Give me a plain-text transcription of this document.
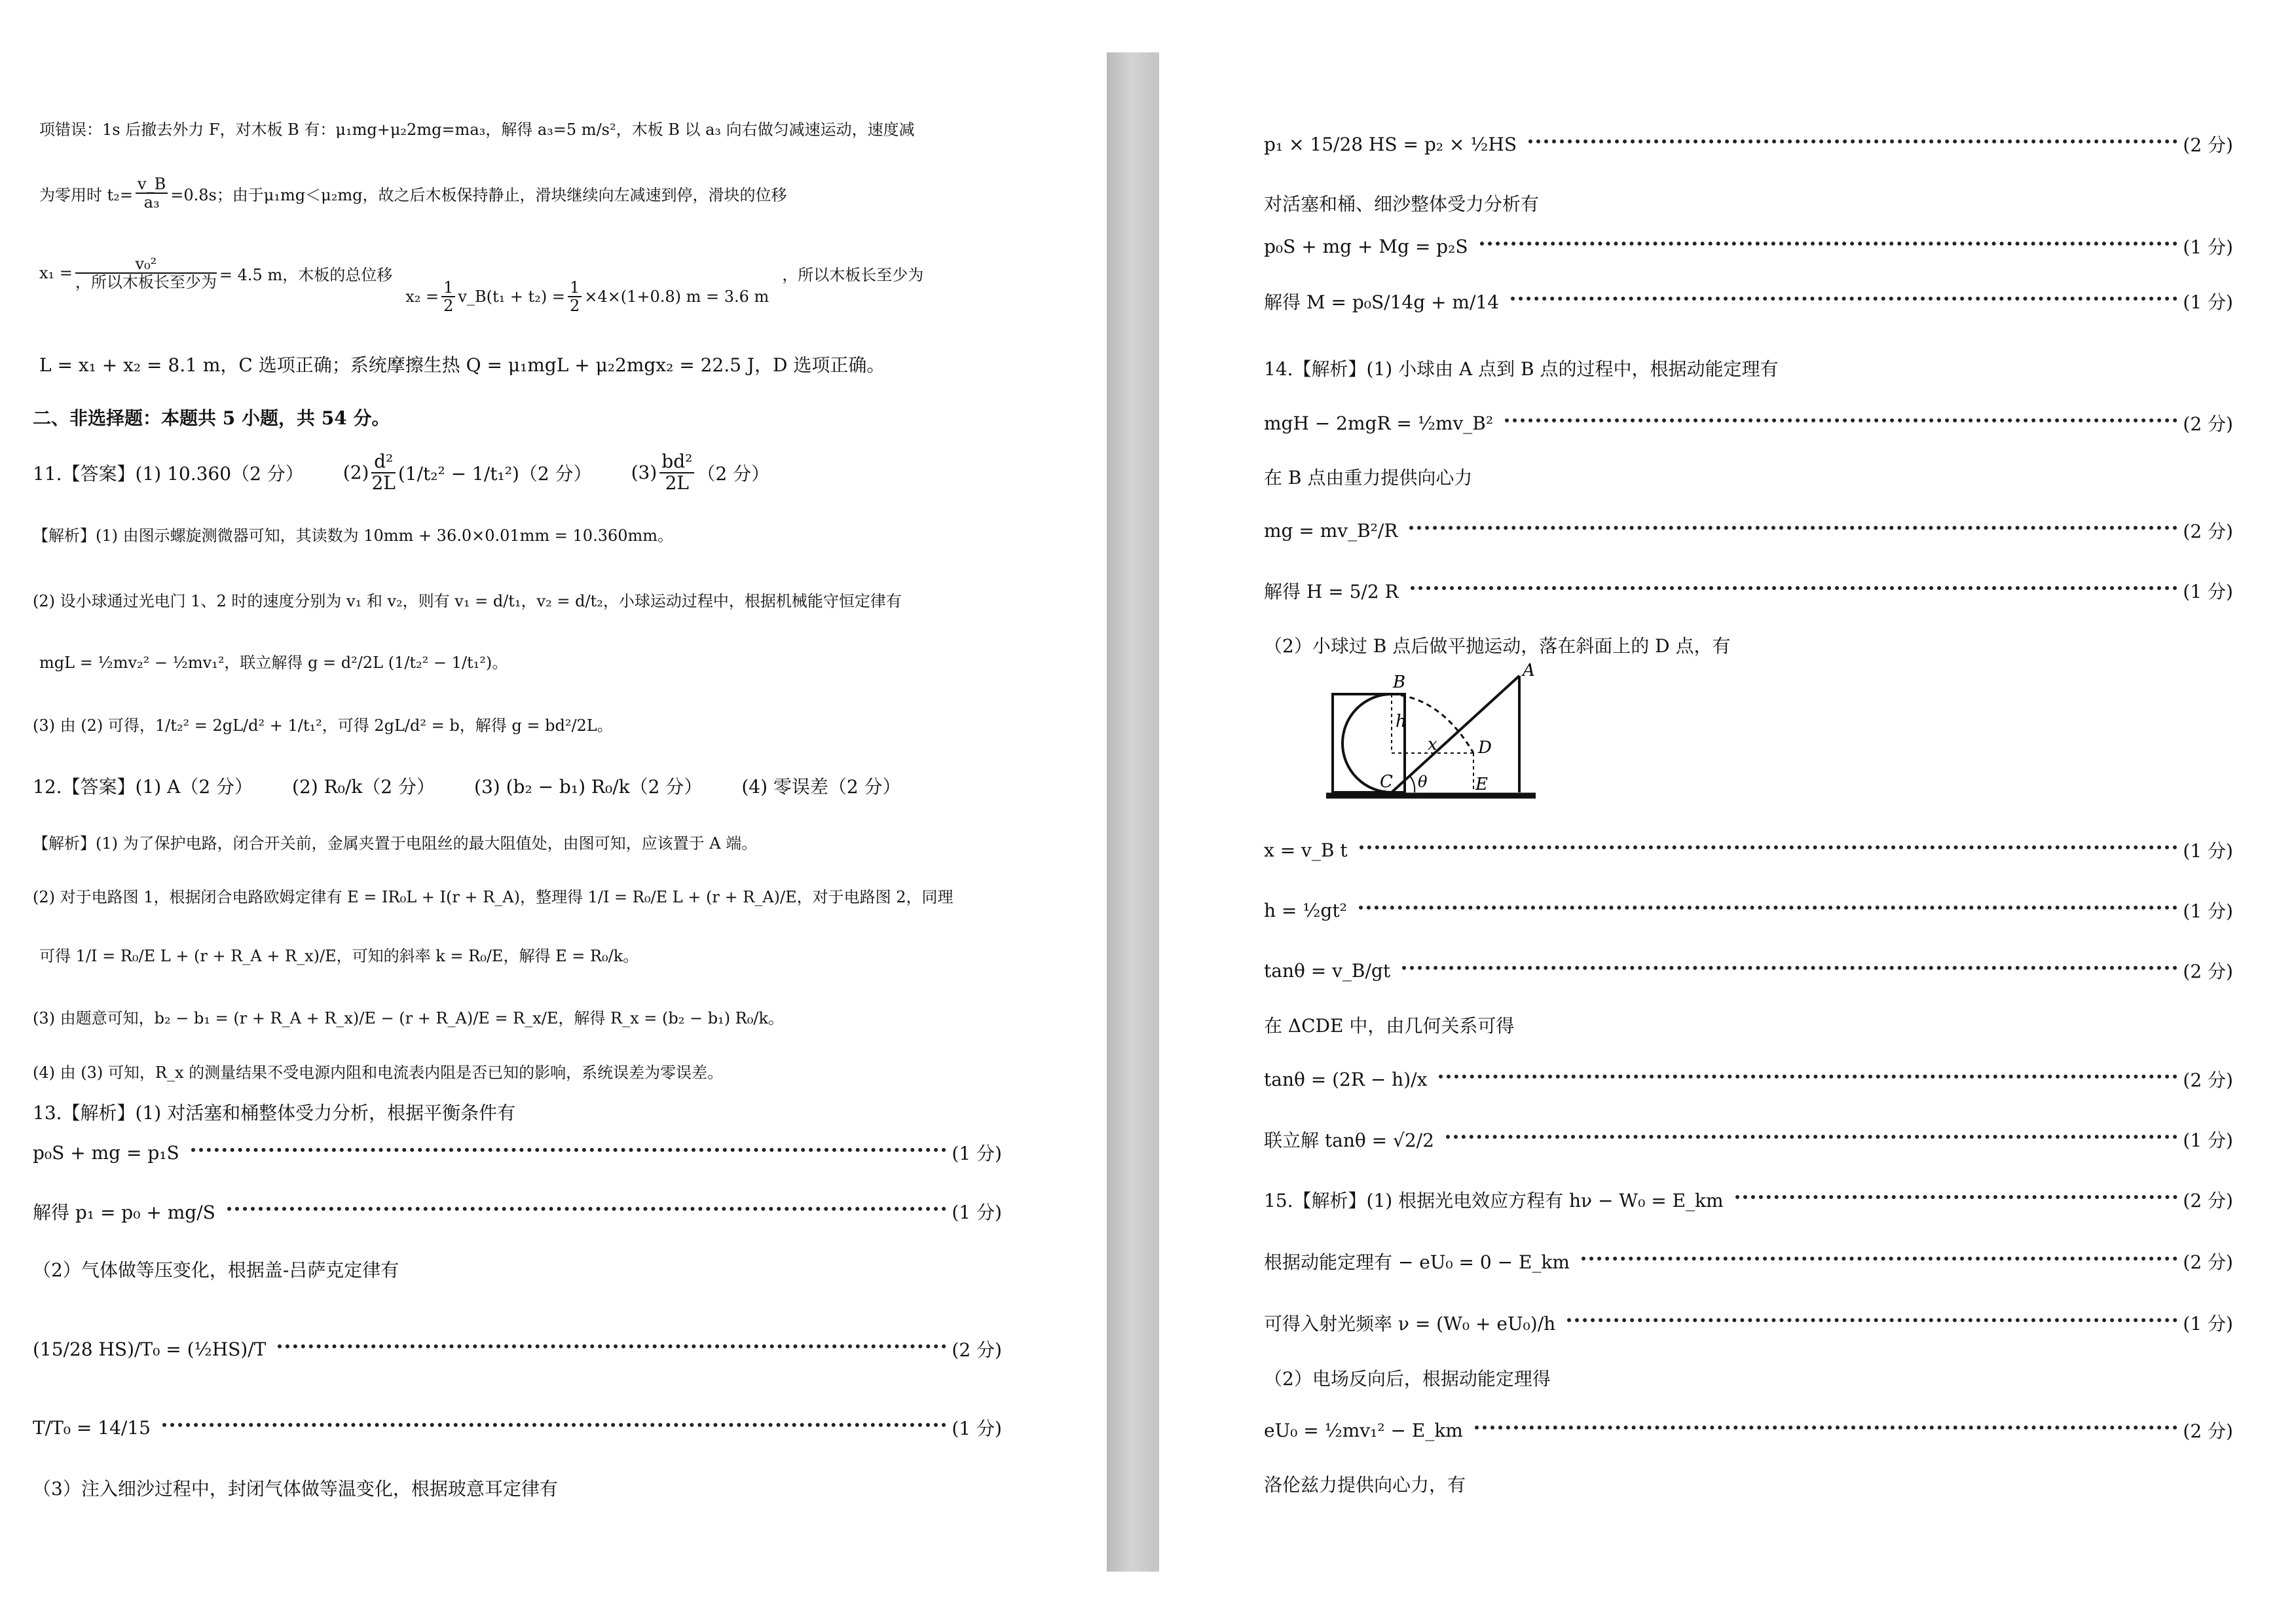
项错误：1s 后撤去外力 F，对木板 B 有：μ₁mg+μ₂2mg=ma₃，解得 a₃=5 m/s²，木板 B 以 a₃ 向右做匀减速运动，速度减
为零用时 $t_2= \frac{v\_B}{\text{a₃}} =0.8s$；由于μ₁mg＜μ₂mg，故之后木板保持静止，滑块继续向左减速到停，滑块的位移
x₁ =
v₀²
，所以木板长至少为 = 4.5 m，木板的总位移
$x_2 = \frac{1}{2}$ v_B(t₁ + $t_2) = \frac{1}{2} \times 4\times(1+0.8) m = 3.6$ m
，所以木板长至少为
L = x₁ + x₂ = 8.1 m，C 选项正确；系统摩擦生热 Q = μ₁mgL + μ₂2mgx₂ = 22.5 J，D 选项正确。
二、非选择题：本题共 5 小题，共 54 分。
11.【答案】(1) 10.360（2 分） (2)
d²
2L (1/t₂² − 1/t₁²)（2 分） (3)
bd²
2L （2 分）
【解析】(1) 由图示螺旋测微器可知，其读数为 10mm + 36.0×0.01mm = 10.360mm。
(2) 设小球通过光电门 1、2 时的速度分别为 v₁ 和 v₂，则有 v₁ = d/t₁，v₂ = d/t₂，小球运动过程中，根据机械能守恒定律有
mgL = ½mv₂² − ½mv₁²，联立解得 g = d²/2L (1/t₂² − 1/t₁²)。
(3) 由 (2) 可得，1/t₂² = 2gL/d² + 1/t₁²，可得 2gL/d² = b，解得 g = bd²/2L。
12.【答案】(1) A（2 分） (2) R₀/k（2 分） (3) (b₂ − b₁) R₀/k（2 分） (4) 零误差（2 分）
【解析】(1) 为了保护电路，闭合开关前，金属夹置于电阻丝的最大阻值处，由图可知，应该置于 A 端。
(2) 对于电路图 1，根据闭合电路欧姆定律有 E = IR₀L + I(r + R_A)，整理得 1/I = R₀/E L + (r + R_A)/E，对于电路图 2，同理
可得 1/I = R₀/E L + (r + R_A + R_x)/E，可知的斜率 k = R₀/E，解得 E = R₀/k。
(3) 由题意可知，b₂ − b₁ = (r + R_A + R_x)/E − (r + R_A)/E = R_x/E，解得 R_x = (b₂ − b₁) R₀/k。
(4) 由 (3) 可知，R_x 的测量结果不受电源内阻和电流表内阻是否已知的影响，系统误差为零误差。
13.【解析】(1) 对活塞和桶整体受力分析，根据平衡条件有
p₀S + mg = p₁S	(1 分)
解得 p₁ = p₀ + mg/S	(1 分)
（2）气体做等压变化，根据盖-吕萨克定律有
(15/28 HS)/T₀ = (½HS)/T	(2 分)
T/T₀ = 14/15	(1 分)
（3）注入细沙过程中，封闭气体做等温变化，根据玻意耳定律有
p₁ × 15/28 HS = p₂ × ½HS	(2 分)
对活塞和桶、细沙整体受力分析有
p₀S + mg + Mg = p₂S	(1 分)
解得 M = p₀S/14g + m/14	(1 分)
14.【解析】(1) 小球由 A 点到 B 点的过程中，根据动能定理有
mgH − 2mgR = ½mv_B²	(2 分)
在 B 点由重力提供向心力
mg = mv_B²/R	(2 分)
解得 H = 5/2 R	(1 分)
（2）小球过 B 点后做平抛运动，落在斜面上的 D 点，有
B
A
C
D
E
h
x
θ
x = v_B t	(1 分)
h = ½gt²	(1 分)
tanθ = v_B/gt	(2 分)
在 ΔCDE 中，由几何关系可得
tanθ = (2R − h)/x	(2 分)
联立解 tanθ = √2/2	(1 分)
15.【解析】(1) 根据光电效应方程有 hν − W₀ = E_km	(2 分)
根据动能定理有 − eU₀ = 0 − E_km	(2 分)
可得入射光频率 ν = (W₀ + eU₀)/h	(1 分)
（2）电场反向后，根据动能定理得
eU₀ = ½mv₁² − E_km	(2 分)
洛伦兹力提供向心力，有
